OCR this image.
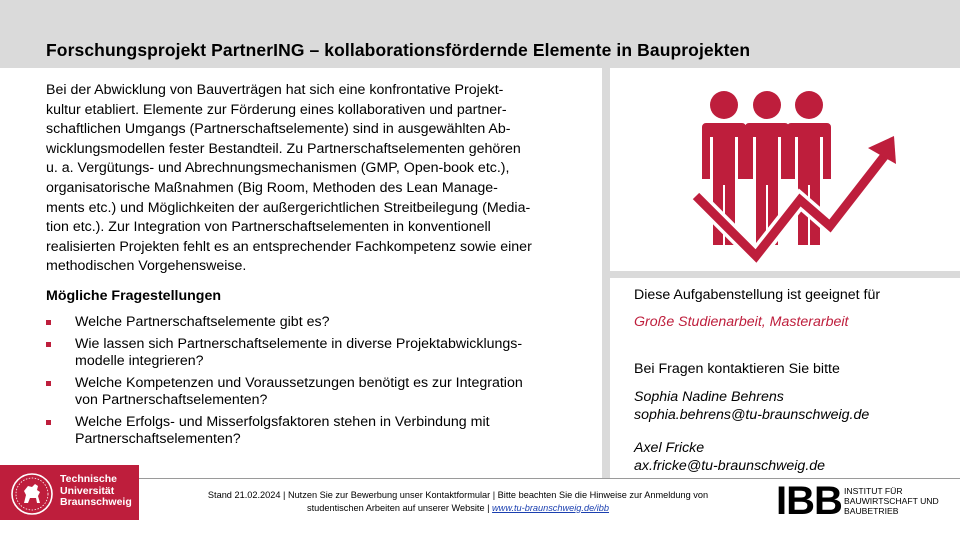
Forschungsprojekt PartnerING – kollaborationsfördernde Elemente in Bauprojekten

Bei der Abwicklung von Bauverträgen hat sich eine konfrontative Projekt-

kultur etabliert. Elemente zur Förderung eines kollaborativen und partner-

schaftlichen Umgangs (Partnerschaftselemente) sind in ausgewählten Ab-

wicklungsmodellen fester Bestandteil. Zu Partnerschaftselementen gehören

u. a. Vergütungs- und Abrechnungsmechanismen (GMP, Open-book etc.),

organisatorische Maßnahmen (Big Room, Methoden des Lean Manage-

ments etc.) und Möglichkeiten der außergerichtlichen Streitbeilegung (Media-

tion etc.). Zur Integration von Partnerschaftselementen in konventionell

realisierten Projekten fehlt es an entsprechender Fachkompetenz sowie einer

methodischen Vorgehensweise.

Mögliche Fragestellungen
Welche Partnerschaftselemente gibt es?
Wie lassen sich Partnerschaftselemente in diverse Projektabwicklungs-
modelle integrieren?
Welche Kompetenzen und Voraussetzungen benötigt es zur Integration
von Partnerschaftselementen?
Welche Erfolgs- und Misserfolgsfaktoren stehen in Verbindung mit
Partnerschaftselementen?
Diese Aufgabenstellung ist geeignet für
Große Studienarbeit, Masterarbeit
Bei Fragen kontaktieren Sie bitte
Sophia Nadine Behrens
sophia.behrens@tu-braunschweig.de
Axel Fricke
ax.fricke@tu-braunschweig.de
Technische
Universität
Braunschweig
Stand 21.02.2024 | Nutzen Sie zur Bewerbung unser Kontaktformular | Bitte beachten Sie die Hinweise zur Anmeldung von
studentischen Arbeiten auf unserer Website | www.tu-braunschweig.de/ibb	IBB INSTITUT FÜR
BAUWIRTSCHAFT UND
BAUBETRIEB
